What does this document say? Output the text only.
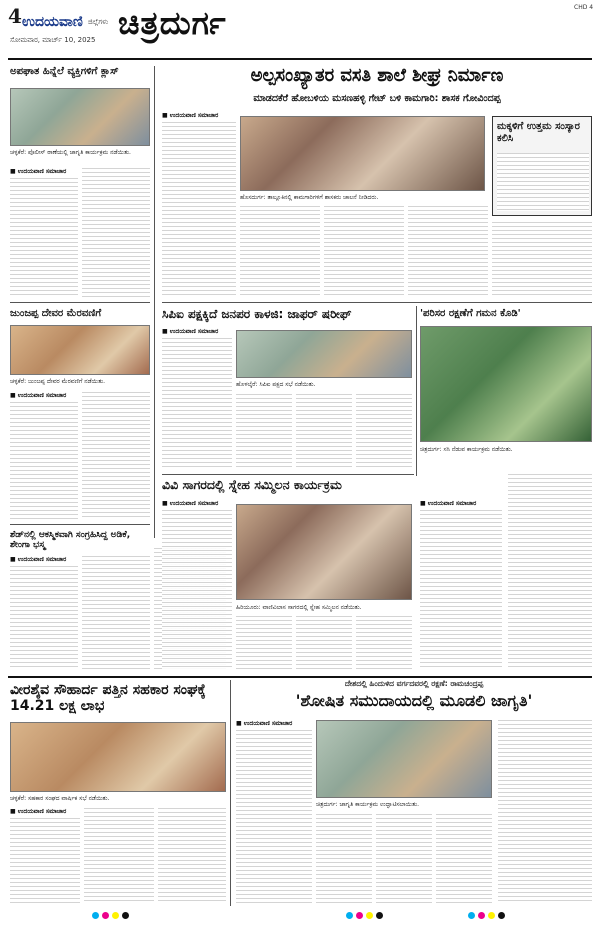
4 ಉದಯವಾಣಿ ಜಿಲ್ಲೆಗಳು
ಸೋಮವಾರ, ಮಾರ್ಚ್ 10, 2025 ಚಿತ್ರದುರ್ಗ	CHD 4
ಅಪಘಾತ ಹಿನ್ನೆಲೆ ವ್ಯಕ್ತಿಗಳಿಗೆ ಕ್ಲಾಸ್
ಚಳ್ಳಕೆರೆ: ಪೊಲೀಸ್ ಠಾಣೆಯಲ್ಲಿ ಜಾಗೃತಿ ಕಾರ್ಯಕ್ರಮ ನಡೆಯಿತು.
■ ಉದಯವಾಣಿ ಸಮಾಚಾರ
ಜುಂಜಪ್ಪ ದೇವರ ಮೆರವಣಿಗೆ
ಚಳ್ಳಕೆರೆ: ಜುಂಜಪ್ಪ ದೇವರ ಮೆರವಣಿಗೆ ನಡೆಯಿತು.
■ ಉದಯವಾಣಿ ಸಮಾಚಾರ
ಶೆಡ್‌ನಲ್ಲಿ ಆಕಸ್ಮಿಕವಾಗಿ ಸಂಗ್ರಹಿಸಿದ್ದ ಅಡಿಕೆ, ಶೇಂಗಾ ಭಸ್ಮ
■ ಉದಯವಾಣಿ ಸಮಾಚಾರ
ಅಲ್ಪಸಂಖ್ಯಾತರ ವಸತಿ ಶಾಲೆ ಶೀಘ್ರ ನಿರ್ಮಾಣ
ಮಾಡದಕೆರೆ ಹೋಬಳಿಯ ಮಸಣಹಳ್ಳಿ ಗೇಟ್ ಬಳಿ ಕಾಮಗಾರಿ: ಶಾಸಕ ಗೋವಿಂದಪ್ಪ
■ ಉದಯವಾಣಿ ಸಮಾಚಾರ
ಹೊಸದುರ್ಗ: ತಾಲ್ಲೂಕಿನಲ್ಲಿ ಕಾಮಗಾರಿಗಳಿಗೆ ಶಾಸಕರು ಚಾಲನೆ ನೀಡಿದರು.
ಮಕ್ಕಳಿಗೆ ಉತ್ತಮ ಸಂಸ್ಕಾರ ಕಲಿಸಿ
ಸಿಪಿಐ ಪಕ್ಷಕ್ಕಿದೆ ಜನಪರ ಕಾಳಜಿ: ಜಾಫರ್ ಷರೀಫ್
■ ಉದಯವಾಣಿ ಸಮಾಚಾರ
ಹೊಳಲ್ಕೆರೆ: ಸಿಪಿಐ ಪಕ್ಷದ ಸಭೆ ನಡೆಯಿತು.
'ಪರಿಸರ ರಕ್ಷಣೆಗೆ ಗಮನ ಕೊಡಿ'
ಚಿತ್ರದುರ್ಗ: ಸಸಿ ನೆಡುವ ಕಾರ್ಯಕ್ರಮ ನಡೆಯಿತು.
ವಿವಿ ಸಾಗರದಲ್ಲಿ ಸ್ನೇಹ ಸಮ್ಮಿಲನ ಕಾರ್ಯಕ್ರಮ
■ ಉದಯವಾಣಿ ಸಮಾಚಾರ
ಹಿರಿಯೂರು: ವಾಣಿವಿಲಾಸ ಸಾಗರದಲ್ಲಿ ಸ್ನೇಹ ಸಮ್ಮಿಲನ ನಡೆಯಿತು.
■ ಉದಯವಾಣಿ ಸಮಾಚಾರ
ವೀರಶೈವ ಸೌಹಾರ್ದ ಪತ್ತಿನ ಸಹಕಾರ ಸಂಘಕ್ಕೆ 14.21 ಲಕ್ಷ ಲಾಭ
ಚಳ್ಳಕೆರೆ: ಸಹಕಾರ ಸಂಘದ ವಾರ್ಷಿಕ ಸಭೆ ನಡೆಯಿತು.
■ ಉದಯವಾಣಿ ಸಮಾಚಾರ
ದೇಶದಲ್ಲಿ ಹಿಂದುಳಿದ ವರ್ಗದವರಲ್ಲಿ ರಕ್ಷಣೆ: ರಾಮಚಂದ್ರಪ್ಪ
'ಶೋಷಿತ ಸಮುದಾಯದಲ್ಲಿ ಮೂಡಲಿ ಜಾಗೃತಿ'
■ ಉದಯವಾಣಿ ಸಮಾಚಾರ
ಚಿತ್ರದುರ್ಗ: ಜಾಗೃತಿ ಕಾರ್ಯಕ್ರಮ ಉದ್ಘಾಟಿಸಲಾಯಿತು.
